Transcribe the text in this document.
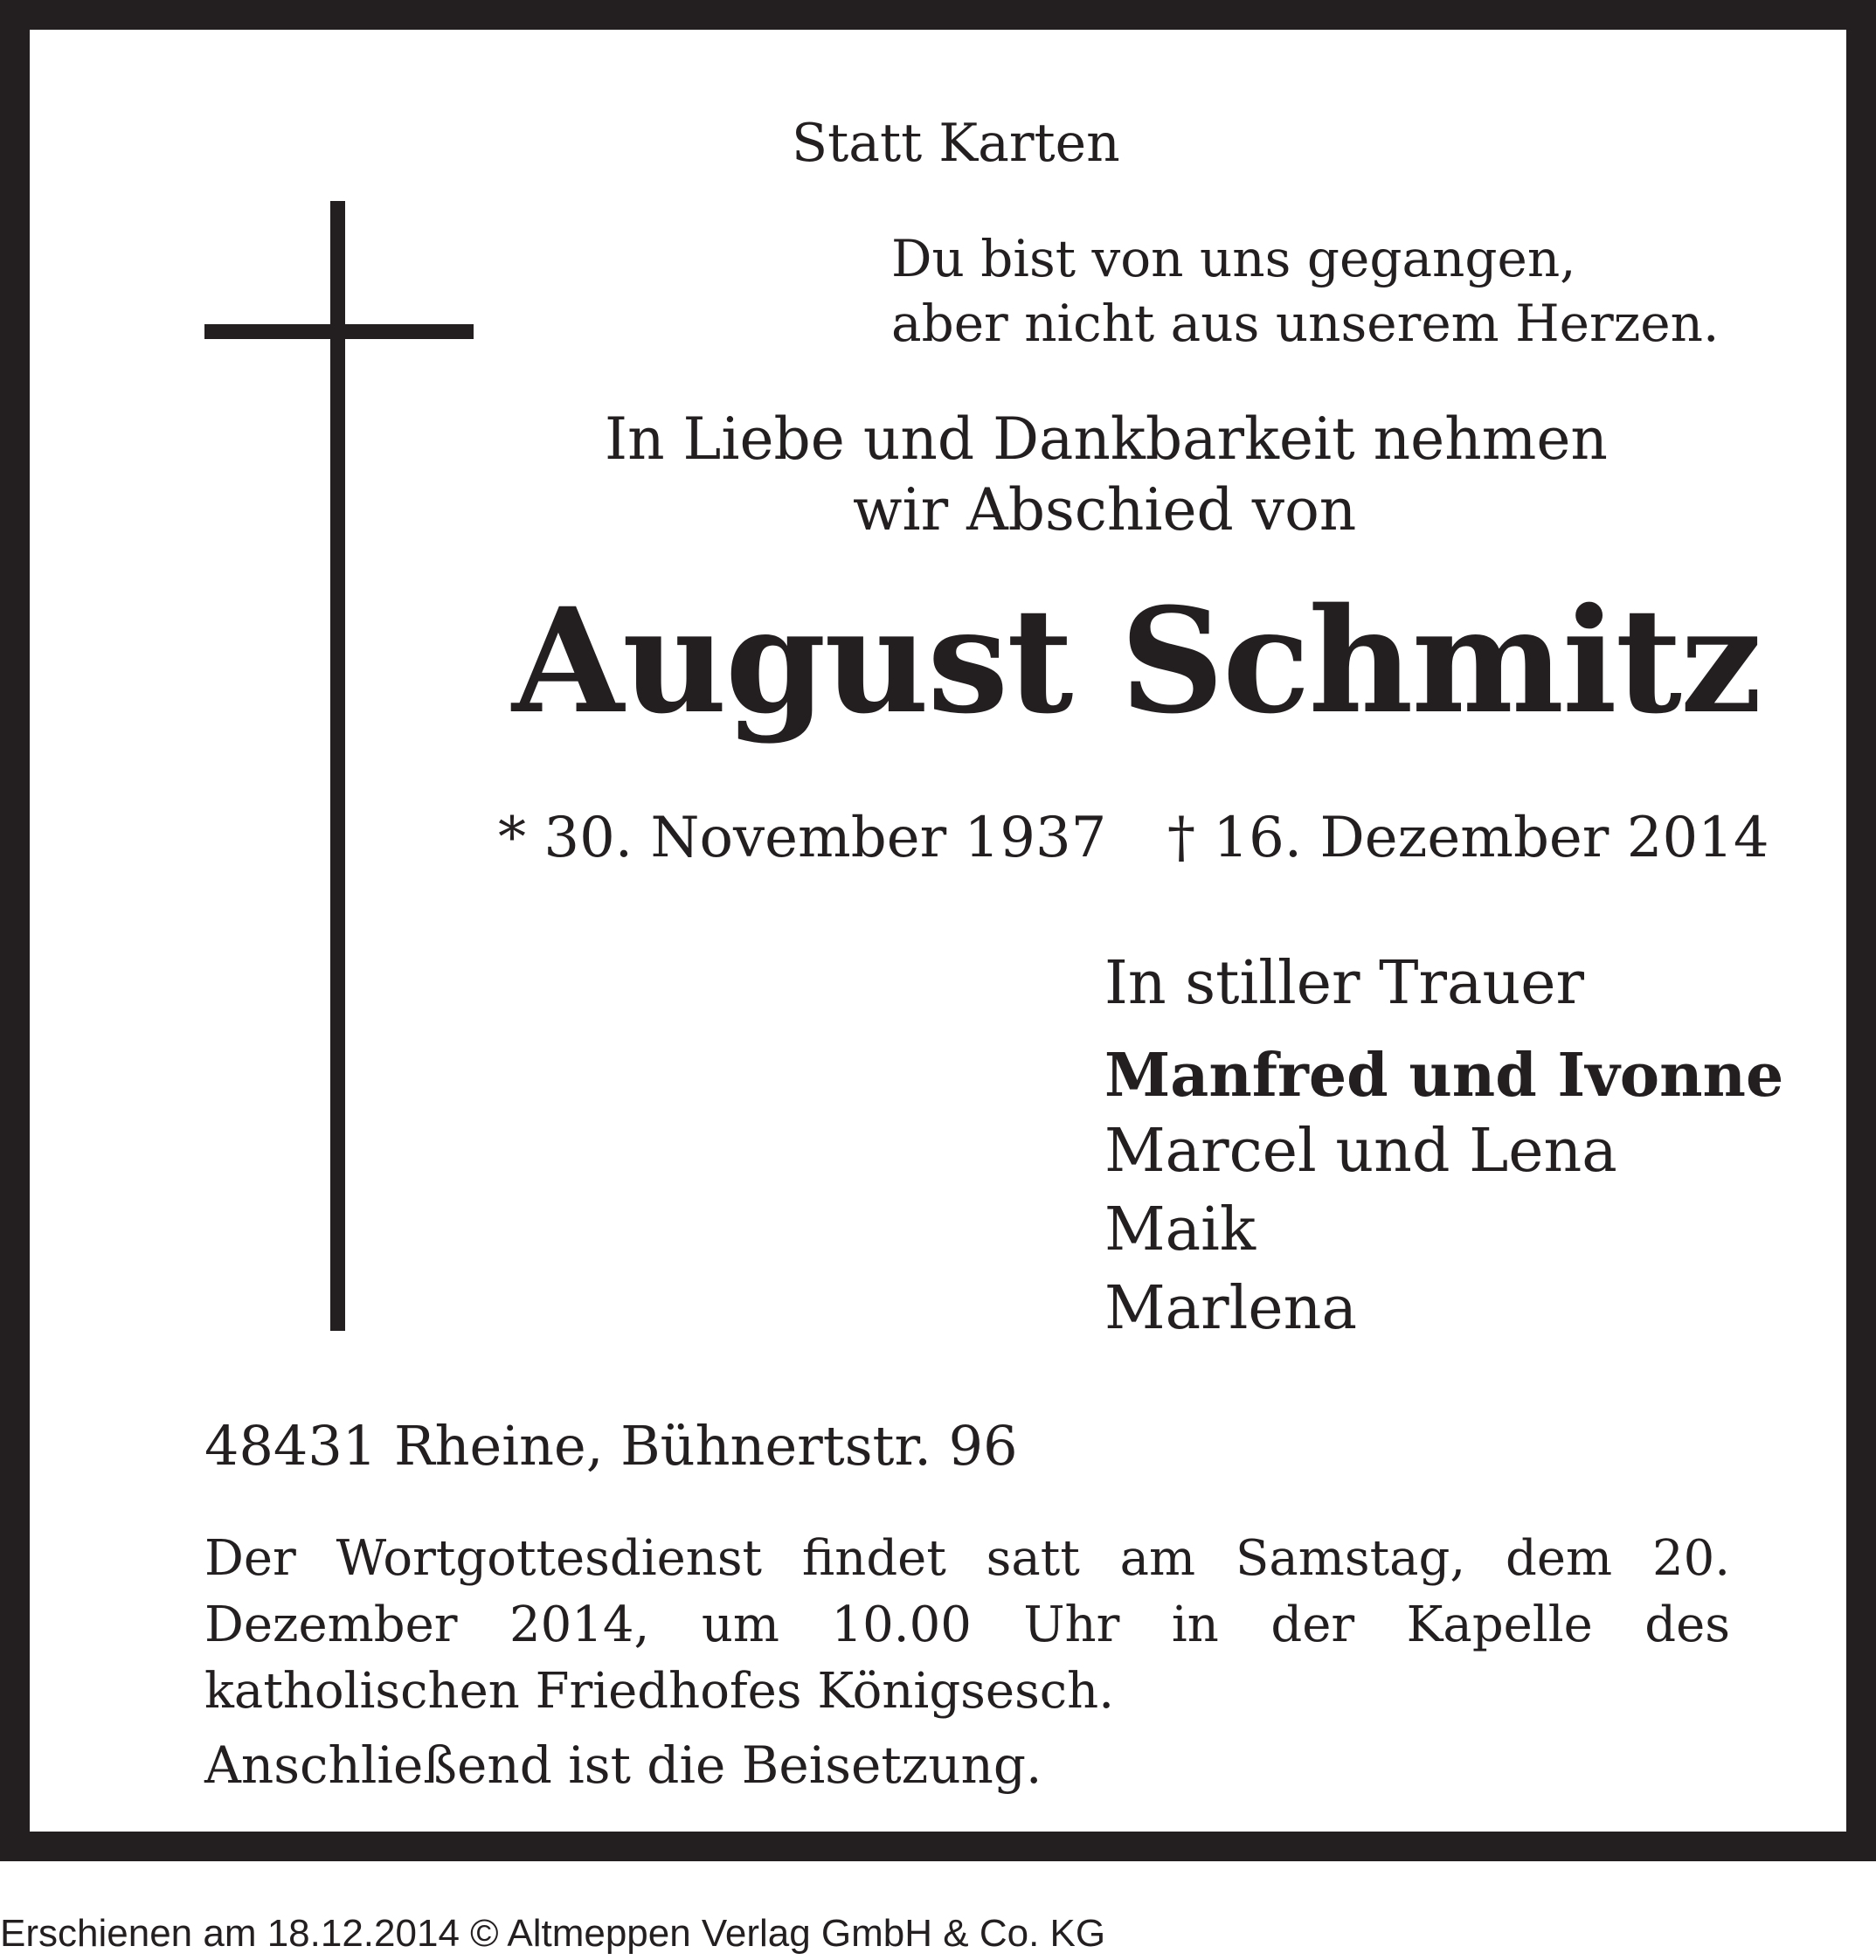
Statt Karten
Du bist von uns gegangen,
aber nicht aus unserem Herzen.
In Liebe und Dankbarkeit nehmen
wir Abschied von
August Schmitz
* 30. November 1937 † 16. Dezember 2014
In stiller Trauer
Manfred und Ivonne
Marcel und Lena
Maik
Marlena
48431 Rheine, Bühnertstr. 96
Der Wortgottesdienst findet satt am Samstag, dem 20. Dezember 2014, um 10.00 Uhr in der Kapelle des katholischen Friedhofes Königsesch.
Anschließend ist die Beisetzung.
Erschienen am 18.12.2014 © Altmeppen Verlag GmbH & Co. KG
